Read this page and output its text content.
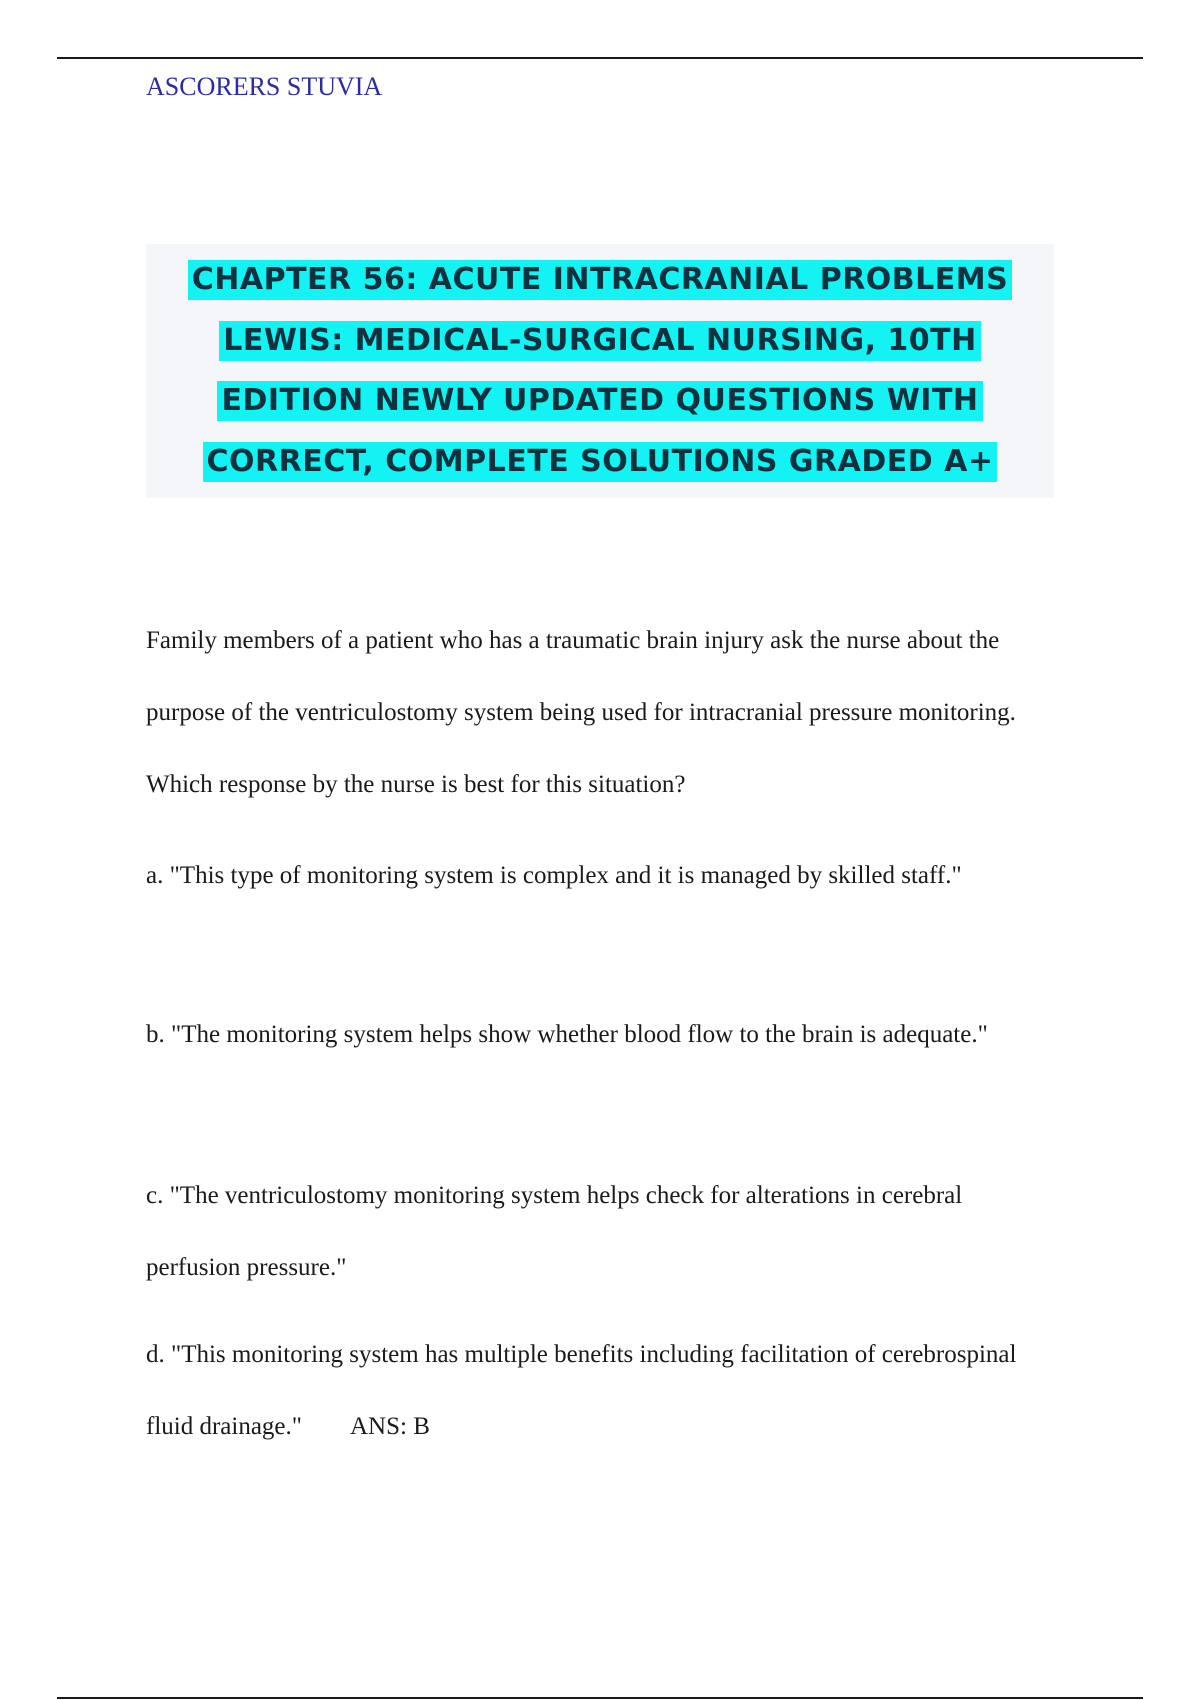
ASCORERS STUVIA
CHAPTER 56: ACUTE INTRACRANIAL PROBLEMS
LEWIS: MEDICAL-SURGICAL NURSING, 10TH
EDITION NEWLY UPDATED QUESTIONS WITH
CORRECT, COMPLETE SOLUTIONS GRADED A+
Family members of a patient who has a traumatic brain injury ask the nurse about the purpose of the ventriculostomy system being used for intracranial pressure monitoring. Which response by the nurse is best for this situation?
a. "This type of monitoring system is complex and it is managed by skilled staff."
b. "The monitoring system helps show whether blood flow to the brain is adequate."
c. "The ventriculostomy monitoring system helps check for alterations in cerebral perfusion pressure."
d. "This monitoring system has multiple benefits including facilitation of cerebrospinal fluid drainage." ANS: B
